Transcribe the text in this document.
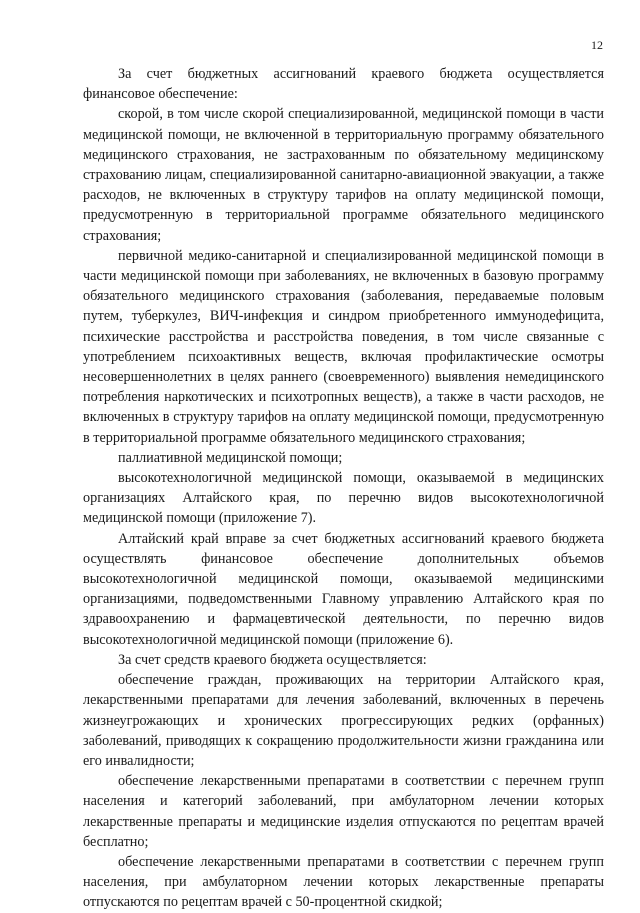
12

За счет бюджетных ассигнований краевого бюджета осуществляется финансовое обеспечение:

скорой, в том числе скорой специализированной, медицинской помощи в части медицинской помощи, не включенной в территориальную программу обязательного медицинского страхования, не застрахованным по обязательному медицинскому страхованию лицам, специализированной санитарно-авиационной эвакуации, а также расходов, не включенных в структуру тарифов на оплату медицинской помощи, предусмотренную в территориальной программе обязательного медицинского страхования;

первичной медико-санитарной и специализированной медицинской помощи в части медицинской помощи при заболеваниях, не включенных в базовую программу обязательного медицинского страхования (заболевания, передаваемые половым путем, туберкулез, ВИЧ-инфекция и синдром приобретенного иммунодефицита, психические расстройства и расстройства поведения, в том числе связанные с употреблением психоактивных веществ, включая профилактические осмотры несовершеннолетних в целях раннего (своевременного) выявления немедицинского потребления наркотических и психотропных веществ), а также в части расходов, не включенных в структуру тарифов на оплату медицинской помощи, предусмотренную в территориальной программе обязательного медицинского страхования;

паллиативной медицинской помощи;

высокотехнологичной медицинской помощи, оказываемой в медицинских организациях Алтайского края, по перечню видов высокотехнологичной медицинской помощи (приложение 7).

Алтайский край вправе за счет бюджетных ассигнований краевого бюджета осуществлять финансовое обеспечение дополнительных объемов высокотехнологичной медицинской помощи, оказываемой медицинскими организациями, подведомственными Главному управлению Алтайского края по здравоохранению и фармацевтической деятельности, по перечню видов высокотехнологичной медицинской помощи (приложение 6).

За счет средств краевого бюджета осуществляется:

обеспечение граждан, проживающих на территории Алтайского края, лекарственными препаратами для лечения заболеваний, включенных в перечень жизнеугрожающих и хронических прогрессирующих редких (орфанных) заболеваний, приводящих к сокращению продолжительности жизни гражданина или его инвалидности;

обеспечение лекарственными препаратами в соответствии с перечнем групп населения и категорий заболеваний, при амбулаторном лечении которых лекарственные препараты и медицинские изделия отпускаются по рецептам врачей бесплатно;

обеспечение лекарственными препаратами в соответствии с перечнем групп населения, при амбулаторном лечении которых лекарственные препараты отпускаются по рецептам врачей с 50-процентной скидкой;
